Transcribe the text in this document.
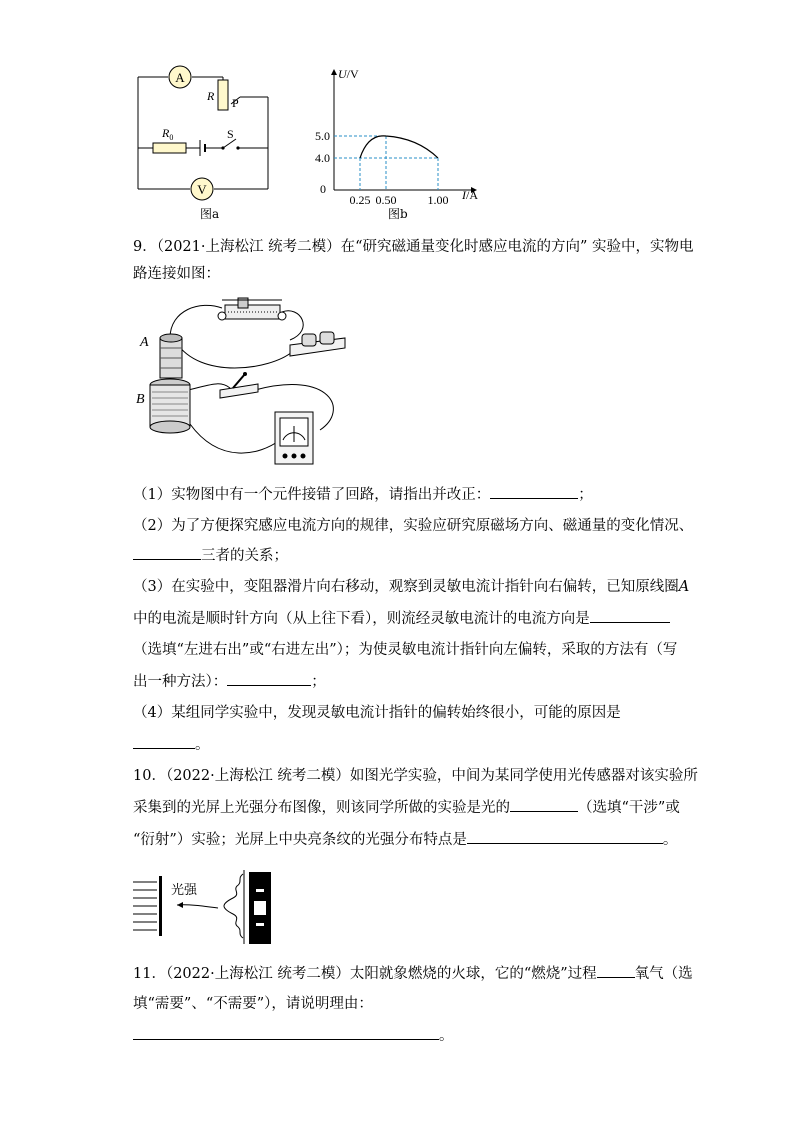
A
R P
$R_0$	S
V
图a
U/V
I/A
0
5.0
4.0
0.25 0.50	1.00
图b
9．（2021·上海松江 统考二模）在“研究磁通量变化时感应电流的方向” 实验中，实物电
路连接如图：
A
B
（1）实物图中有一个元件接错了回路，请指出并改正：	；
（2）为了方便探究感应电流方向的规律，实验应研究原磁场方向、磁通量的变化情况、
三者的关系；
（3）在实验中，变阻器滑片向右移动，观察到灵敏电流计指针向右偏转，已知原线圈A
中的电流是顺时针方向（从上往下看），则流经灵敏电流计的电流方向是
（选填“左进右出”或“右进左出”）；为使灵敏电流计指针向左偏转，采取的方法有（写
出一种方法）：	；
（4）某组同学实验中，发现灵敏电流计指针的偏转始终很小，可能的原因是
。
10．（2022·上海松江 统考二模）如图光学实验，中间为某同学使用光传感器对该实验所
采集到的光屏上光强分布图像，则该同学所做的实验是光的	（选填“干涉”或
“衍射”）实验；光屏上中央亮条纹的光强分布特点是	。
光强
11．（2022·上海松江 统考二模）太阳就象燃烧的火球，它的“燃烧”过程	氧气（选
填“需要”、“不需要”），请说明理由：
。
